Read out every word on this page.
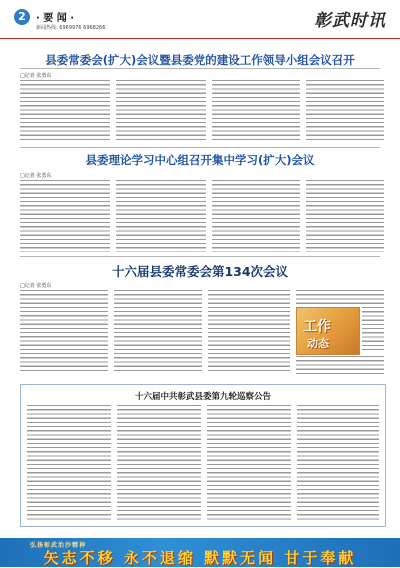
2	· 要 闻 ·
新闻热线: 6969976 6968266	彰武时讯
县委常委会(扩大)会议暨县委党的建设工作领导小组会议召开
□记者 张勇东
县委理论学习中心组召开集中学习(扩大)会议
□记者 张勇东
十六届县委常委会第134次会议
□记者 张勇东
工作
动态
十六届中共彰武县委第九轮巡察公告
弘扬彰武治沙精神
矢志不移 永不退缩 默默无闻 甘于奉献
